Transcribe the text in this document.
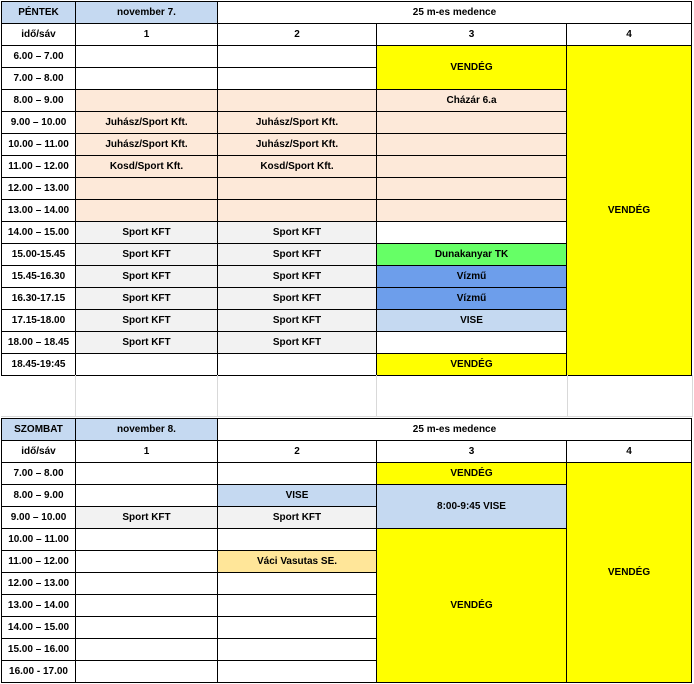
PÉNTEK	november 7.	25 m-es medence		
idő/sáv	1	2	3	4
6.00 – 7.00			VENDÉG	VENDÉG
7.00 – 8.00				
8.00 – 9.00			Cházár 6.a	
9.00 – 10.00	Juhász/Sport Kft.	Juhász/Sport Kft.		
10.00 – 11.00	Juhász/Sport Kft.	Juhász/Sport Kft.		
11.00 – 12.00	Kosd/Sport Kft.	Kosd/Sport Kft.		
12.00 – 13.00				
13.00 – 14.00				
14.00 – 15.00	Sport KFT	Sport KFT		
15.00-15.45	Sport KFT	Sport KFT	Dunakanyar TK	
15.45-16.30	Sport KFT	Sport KFT	Vízmű	
16.30-17.15	Sport KFT	Sport KFT	Vízmű	
17.15-18.00	Sport KFT	Sport KFT	VISE	
18.00 – 18.45	Sport KFT	Sport KFT		
18.45-19:45			VENDÉG	
SZOMBAT	november 8.	25 m-es medence		
idő/sáv	1	2	3	4
7.00 – 8.00			VENDÉG	VENDÉG
8.00 – 9.00		VISE	8:00-9:45 VISE	
9.00 – 10.00	Sport KFT	Sport KFT		
10.00 – 11.00			VENDÉG	
11.00 – 12.00		Váci Vasutas SE.		
12.00 – 13.00				
13.00 – 14.00				
14.00 – 15.00				
15.00 – 16.00				
16.00 - 17.00				
